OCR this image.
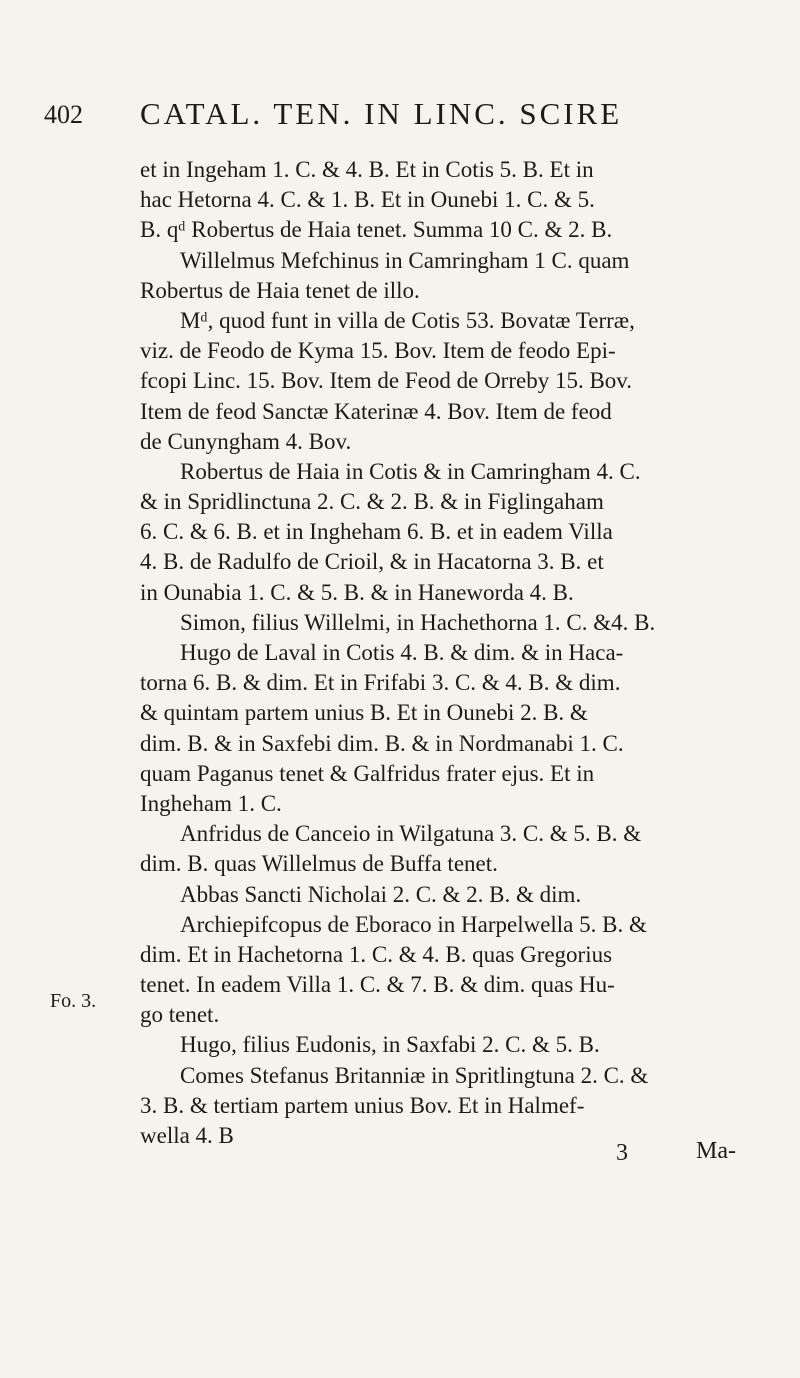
402 CATAL. TEN. IN LINC. SCIRE
Fo. 3.
et in Ingeham 1. C. & 4. B. Et in Cotis 5. B. Et in
hac Hetorna 4. C. & 1. B. Et in Ounebi 1. C. & 5.
B. qᵈ Robertus de Haia tenet. Summa 10 C. & 2. B.
Willelmus Mefchinus in Camringham 1 C. quam
Robertus de Haia tenet de illo.
Mᵈ, quod funt in villa de Cotis 53. Bovatæ Terræ,
viz. de Feodo de Kyma 15. Bov. Item de feodo Epi-
fcopi Linc. 15. Bov. Item de Feod de Orreby 15. Bov.
Item de feod Sanctæ Katerinæ 4. Bov. Item de feod
de Cunyngham 4. Bov.
Robertus de Haia in Cotis & in Camringham 4. C.
& in Spridlinctuna 2. C. & 2. B. & in Figlingaham
6. C. & 6. B. et in Ingheham 6. B. et in eadem Villa
4. B. de Radulfo de Crioil, & in Hacatorna 3. B. et
in Ounabia 1. C. & 5. B. & in Haneworda 4. B.
Simon, filius Willelmi, in Hachethorna 1. C. &4. B.
Hugo de Laval in Cotis 4. B. & dim. & in Haca-
torna 6. B. & dim. Et in Frifabi 3. C. & 4. B. & dim.
& quintam partem unius B. Et in Ounebi 2. B. &
dim. B. & in Saxfebi dim. B. & in Nordmanabi 1. C.
quam Paganus tenet & Galfridus frater ejus. Et in
Ingheham 1. C.
Anfridus de Canceio in Wilgatuna 3. C. & 5. B. &
dim. B. quas Willelmus de Buffa tenet.
Abbas Sancti Nicholai 2. C. & 2. B. & dim.
Archiepifcopus de Eboraco in Harpelwella 5. B. &
dim. Et in Hachetorna 1. C. & 4. B. quas Gregorius
tenet. In eadem Villa 1. C. & 7. B. & dim. quas Hu-
go tenet.
Hugo, filius Eudonis, in Saxfabi 2. C. & 5. B.
Comes Stefanus Britanniæ in Spritlingtuna 2. C. &
3. B. & tertiam partem unius Bov. Et in Halmef-
wella 4. B
3	Ma-
